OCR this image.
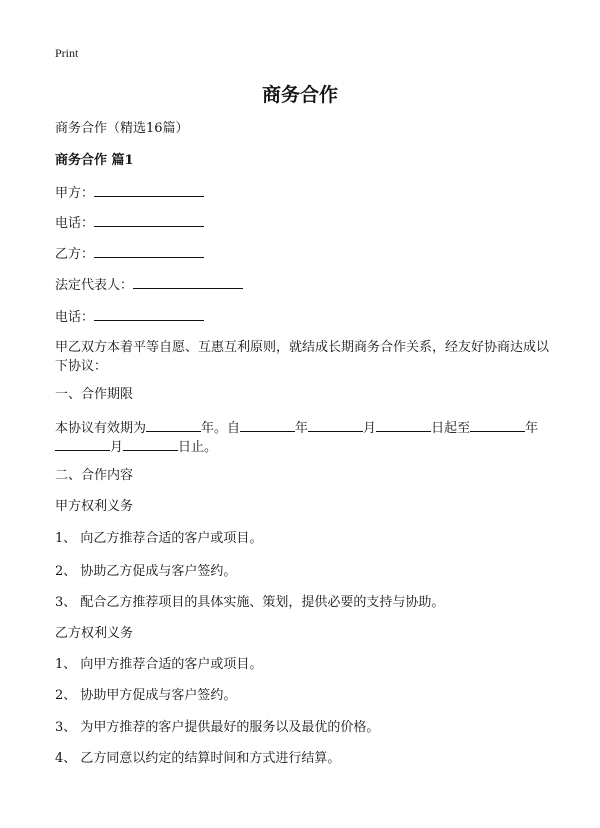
Print
商务合作
商务合作（精选16篇）
商务合作 篇1
甲方：
电话：
乙方：
法定代表人：
电话：
甲乙双方本着平等自愿、互惠互利原则，就结成长期商务合作关系，经友好协商达成以下协议：
一、合作期限
本协议有效期为	年。自	年	月	日起至	年
月	日止。
二、合作内容
甲方权利义务
1、 向乙方推荐合适的客户或项目。
2、 协助乙方促成与客户签约。
3、 配合乙方推荐项目的具体实施、策划，提供必要的支持与协助。
乙方权利义务
1、 向甲方推荐合适的客户或项目。
2、 协助甲方促成与客户签约。
3、 为甲方推荐的客户提供最好的服务以及最优的价格。
4、 乙方同意以约定的结算时间和方式进行结算。
